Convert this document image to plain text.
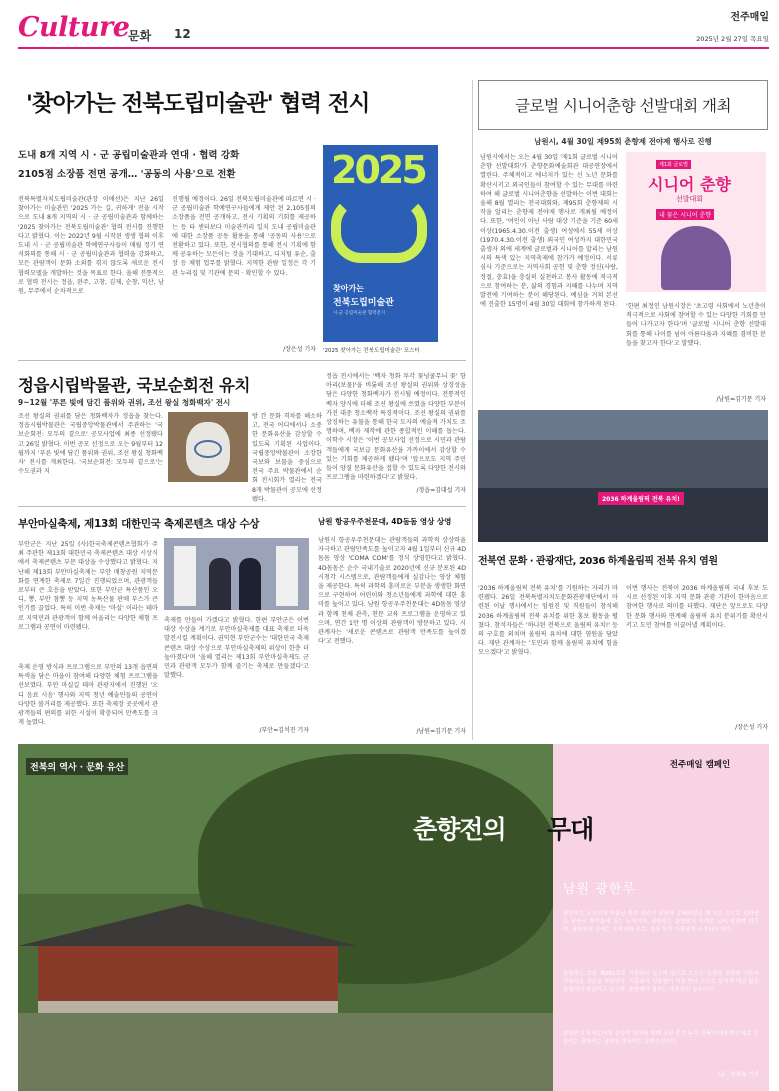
Culture
문화 12
전주매일
2025년 2월 27일 목요일
'찾아가는 전북도립미술관' 협력 전시
도내 8개 지역 시 · 군 공립미술관과 연대 · 협력 강화
2105점 소장품 전면 공개… '공동의 사용'으로 전환
전북특별자치도립미술관(관장 이애선)은 지난 26일 찾아가는 미술관인 '2025 가는 길, 귀하게' 전을 시작으로 도내 8개 지역의 시 · 군 공립미술관과 함께하는 '2025 찾아가는 전북도립미술관' 협력 전시를 진행한다고 밝혔다. 이는 2022년 9월 시작된 생생 협의 이후 도내 시 · 군 공립미술관 학예연구사들이 매월 정기 연석회의를 통해 시 · 군 공립미술관과 협력을 강화하고, 모든 관람객이 문화 소외를 겪지 않도록 새로운 전시 협력모델을 개발하는 것을 목표로 한다. 올해 전통적으로 협력 전시는 정읍, 완주, 고창, 김제, 순창, 익산, 남원, 무주에서 순차적으로
진행될 예정이다. 26일 전북도립미술관에 따르면 시 · 군 공립미술관 학예연구사들에게 제안 된 2,105점의 소장품을 전면 공개하고, 전시 기획의 기회를 제공하는 등 타 센터보다 미술관끼리 일치 도내 공립미술관에 대한 소장품 공동 활용을 통해 '공동의 사용'으로 전환하고 있다. 또한, 전시협의를 통해 전시 기획에 함께 공유하는 모든이는 것을 기대하고, 디지털 유순, 출장 등 체험 업무를 밝혔다. 지역한 관람 일정은 각 기관 누리집 및 기관에 문의 · 확인할 수 있다.
/장은성 기자
2025
찾아가는
전북도립미술관
시·군 공립미술관 협력전시
'2025 찾아가는 전북도립미술관' 포스터
글로벌 시니어춘향 선발대회 개최
남원시, 4월 30일 제95회 춘향제 전야제 행사로 진행
남원시에서는 오는 4월 30일 '제1회 글로벌 시니어춘향 선발대회'가 춘향문화예술회관 대공연장에서 열린다. 주체적이고 에너지가 있는 신 노년 문화를 확산시키고 외국인들이 참여할 수 있는 무대를 마련하여 해 글로벌 시니어춘향을 선발하는 이번 대회는 올해 8월 열리는 전국대회와, 제95회 춘향제의 시작을 알리는 춘향제 전야제 행사로 개최될 예정이다. 또한, '여인이 아닌 사람 대상 기준을 기준 60세 이상(1965.4.30.이전 출생) 여성에서 55세 이상(1970.4.30.이전 출생) 외국인 여성까지 대한민국 출생자 외에 세계에 글로벌과 시니어를 알리는 남원시의 특색 있는 지역축제에 참가가 예정이다. 서류심사 기준으로는 지역사회 공헌 및 춘향 정신(사랑, 정절, 충효)을 충실히 실천하고 봉사 활동에 적극적으로 참여하는 분, 삶의 경험과 지혜를 나누며 지역 발전에 기여하는 분이 해당된다. 예심을 거쳐 본선에 진출한 15명이 4월 30일 대회에 참가하게 된다.
제1회 글로벌
시니어 춘향
선발대회
내 꽃은 시니어 춘향
'한편 최정인 남원시장은 '초고령 사회에서 노년층이 적극적으로 사회에 참여할 수 있는 다양한 기회를 만들어 나가고자 한다'며 '글로벌 시니어 춘향 선발대회를 통해 나이를 넘어 아름다움과 지혜를 겸비한 분들을 찾고자 한다'고 말했다.
/남원=김기문 기자
정읍시립박물관, 국보순회전 유치
9~12월 '푸른 빛에 담긴 품위와 권위, 조선 왕실 청화백자' 전시
조선 왕실의 권위를 담은 청화백자가 정읍을 찾는다. 정읍시립박물관은 국립중앙박물관에서 주관하는 '국보순회전: 모두의 곁으로' 공모사업에 최종 선정됐다고 26일 밝혔다. 이번 공모 선정으로 오는 9월부터 12월까지 '푸른 빛에 담긴 품위와 권위, 조선 왕실 청화백자' 전시를 개최한다. '국보순회전: 모두의 곁으로'는 수도권과 지
방 간 문화 격차를 해소하고, 전국 어디에서나 소중한 문화유산을 감상할 수 있도록 기획된 사업이다. 국립중앙박물관이 소장한 국보와 보물을 중심으로 전국 주요 박물관에서 순회 전시회가 열리는 전국 8개 박물관이 공모에 선정됐다.
정읍 전시에서는 '백자 청화 투각 꽃넝쿨무늬 꽃' 항아리(보물)'을 비롯해 조선 왕실의 권위와 상징성을 담은 다양한 청화백자가 전시될 예정이다. 전통적인 백자 양식에 더해 조선 왕실에 쓰였을 다양한 부분이 가진 대중 청소백작 특징적이다. 조선 왕실의 권위를 상징하는 유물을 통해 한국 도자의 예술적 가치도 조명하며, 백자 제작에 관한 종합적인 이해를 돕는다. 이학수 시장은 '이번 공모사업 선정으로 시민과 관람객들에게 국보급 문화유산을 가까이에서 감상할 수 있는 기회를 제공하게 됐다'며 '앞으로도 지역 주민들이 양질 문화유산을 접할 수 있도록 다양한 전시와 프로그램을 마련하겠다'고 밝혔다.
/정읍=김대섭 기자
부안마실축제, 제13회 대한민국 축제콘텐츠 대상 수상
부안군은 지난 25일 (사)한국축제콘텐츠협회가 주최 주관한 제13회 대한민국 축제콘텐츠 대상 시상식에서 축제콘텐츠 부문 대상을 수상했다고 밝혔다. 지난해 제13회 부안마실축제는 부안 매창공원 지역문화를 연계한 축제로 7일간 진행되었으며, 관광객들로부터 큰 호응을 받았다. 또한 부안군 특산품인 오디, 뽕, 부안 참뽕 등 지역 농특산물 판매 부스가 큰 인기를 끌었다. 특히 이번 축제는 '마실' 이라는 테마로 지역민과 관광객이 함께 어울리는 다양한 체험 프로그램과 공연이 마련됐다.
축제 운영 방식과 프로그램으로 부안의 13개 읍면의 특색을 담은 마을이 참여해 다양한 체험 프로그램을 선보였다. 부안 마실길 테마 관광지에서 진행된 '오디 음료 시음' 행사와 지역 청년 예술인들의 공연이 다양한 볼거리를 제공했다. 또한 축제장 곳곳에서 관광객들의 편의를 위한 시설이 확충되어 만족도를 크게 높였다.
축제를 만들어 가겠다고 밝혔다. 한편 부안군은 이번 대상 수상을 계기로 부안마실축제를 대표 축제로 더욱 발전시킬 계획이다. 권익현 부안군수는 '대한민국 축제콘텐츠 대상 수상으로 부안마실축제의 위상이 한층 더 높아졌다'며 '올해 열리는 제13회 부안마실축제도 군민과 관광객 모두가 함께 즐기는 축제로 만들겠다'고 말했다.
/부안=김석진 기자
남원 항공우주천문대, 4D돔돔 영상 상영
남원시 항공우주천문대는 관람객들의 과학적 상상력을 자극하고 관람만족도를 높이고자 4월 1일부터 신규 4D돔돔 영상 'COMA COM'를 정식 상영한다고 밝혔다. 4D돔돔은 순수 국내기술로 2020년에 신규 분포된 4D 시청각 시스템으로, 관람객들에게 실감나는 영상 체험을 제공한다. 특히 과학의 흥미로운 부분을 생생한 화면으로 구현하여 어린이와 청소년들에게 과학에 대한 흥미를 높이고 있다. 남원 항공우주천문대는 4D돔돔 영상과 함께 천체 관측, 천문 교육 프로그램을 운영하고 있으며, 연간 1만 명 이상의 관람객이 방문하고 있다. 시 관계자는 '새로운 콘텐츠로 관람객 만족도를 높이겠다'고 전했다.
/남원=김기문 기자
2036 하계올림픽 전북 유치!
전북연 문화 · 관광재단, 2036 하계올림픽 전북 유치 염원
'2036 하계올림픽 전북 유치'를 기원하는 자리가 마련됐다. 26일 전북특별자치도문화관광재단에서 마련된 이날 행사에서는 임원진 및 직원들이 참석해 2036 하계올림픽 전북 유치를 위한 홍보 활동을 펼쳤다. 참석자들은 '하나된 전북으로 올림픽 유치!' 등의 구호를 외치며 올림픽 유치에 대한 염원을 담았다. 재단 관계자는 '도민과 함께 올림픽 유치에 힘을 모으겠다'고 밝혔다.
이번 행사는 전북이 2036 하계올림픽 국내 후보 도시로 선정된 이후 지역 문화 관광 기관이 한마음으로 참여한 행사로 의미를 더했다. 재단은 앞으로도 다양한 문화 행사와 연계해 올림픽 유치 분위기를 확산시키고 도민 참여를 이끌어낼 계획이다.
/장은성 기자
전북의 역사 · 문화 유산	전주매일 캠페인
춘향전의 무대
남원 광한루
광한루는 조선시대 이름난 황희 정승이 남원에 유배되었을 때 지은 것으로 전라북도 남원시 천거동에 있는 누각이다. 광한루는 춘향전의 무대로 널리 알려져 있으며, 광한루원 안에는 오작교와 호수, 정자 등이 아름답게 조성되어 있다.
광한루는 보물 제281호로 지정되어 있으며 앞으로 흐르는 요천과 조화를 이루어 아름다운 경관을 자랑한다. 이몽룡과 성춘향이 처음 만난 곳으로 알려져 매년 많은 관광객이 방문하고 있으며, 춘향제가 열리는 대표적인 장소이다.
춘향전의 무대로서의 상징적 의미와 함께 조선 중기 누각 건축의 대표적인 예로 손꼽히는 광한루는 남원을 대표하는 문화유산이다.
/글 · 한희복 기자
